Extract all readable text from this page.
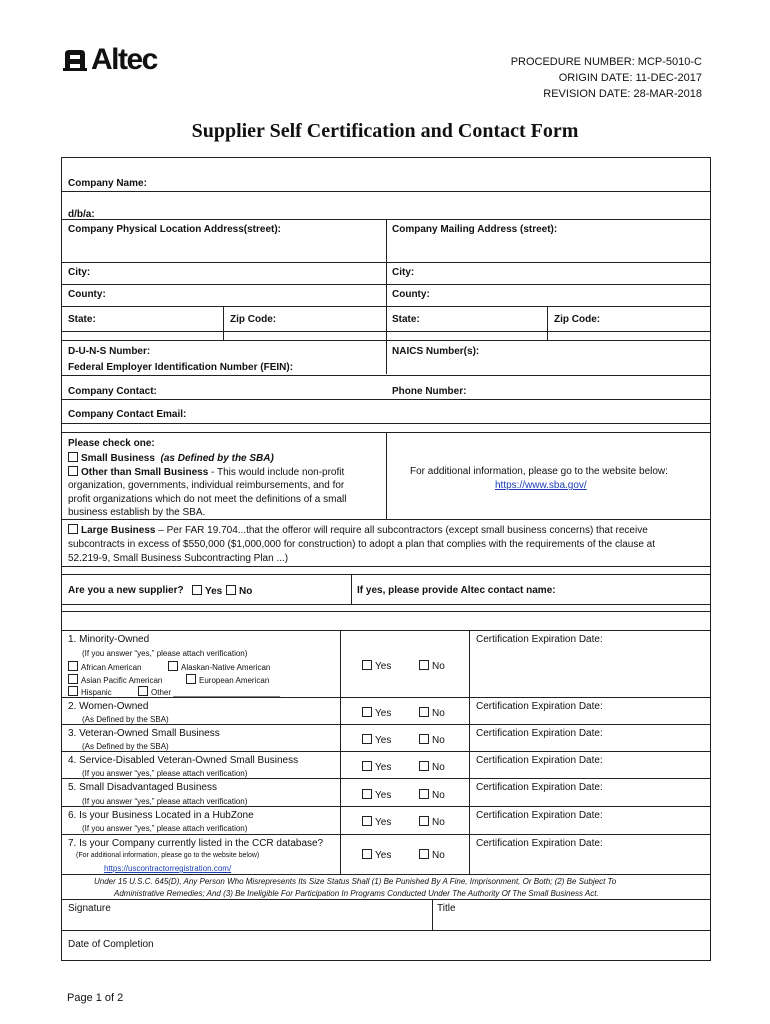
Altec	PROCEDURE NUMBER: MCP-5010-C
ORIGIN DATE: 11-DEC-2017
REVISION DATE: 28-MAR-2018
Supplier Self Certification and Contact Form
Company Name:
d/b/a:
Company Physical Location Address(street):	Company Mailing Address (street):
City:	City:
County:	County:
State:	Zip Code:	State:	Zip Code:
D-U-N-S Number:	NAICS Number(s):
Federal Employer Identification Number (FEIN):
Company Contact:	Phone Number:
Company Contact Email:
Please check one:
Small Business (as Defined by the SBA)
Other than Small Business - This would include non-profit
organization, governments, individual reimbursements, and for
profit organizations which do not meet the definitions of a small
business establish by the SBA.
For additional information, please go to the website below:
https://www.sba.gov/
Large Business – Per FAR 19.704...that the offeror will require all subcontractors (except small business concerns) that receive
subcontracts in excess of $550,000 ($1,000,000 for construction) to adopt a plan that complies with the requirements of the clause at
52.219-9, Small Business Subcontracting Plan ...)
Are you a new supplier?	Yes	No	If yes, please provide Altec contact name:
1. Minority-Owned
(If you answer “yes,” please attach verification)
African American	Alaskan-Native American
Asian Pacific American	European American
Hispanic	Other ________________________
Yes	No
Certification Expiration Date:
2. Women-Owned
(As Defined by the SBA)
Yes	No
Certification Expiration Date:
3. Veteran-Owned Small Business
(As Defined by the SBA)
Yes	No
Certification Expiration Date:
4. Service-Disabled Veteran-Owned Small Business
(If you answer “yes,” please attach verification)
Yes	No
Certification Expiration Date:
5. Small Disadvantaged Business
(If you answer “yes,” please attach verification)
Yes	No
Certification Expiration Date:
6. Is your Business Located in a HubZone
(If you answer “yes,” please attach verification)
Yes	No
Certification Expiration Date:
7. Is your Company currently listed in the CCR database?
(For additional information, please go to the website below)
https://uscontractorregistration.com/
Yes	No
Certification Expiration Date:
Under 15 U.S.C. 645(D), Any Person Who Misrepresents Its Size Status Shall (1) Be Punished By A Fine, Imprisonment, Or Both; (2) Be Subject To
Administrative Remedies; And (3) Be Ineligible For Participation In Programs Conducted Under The Authority Of The Small Business Act.
Signature	Title
Date of Completion
Page 1 of 2
